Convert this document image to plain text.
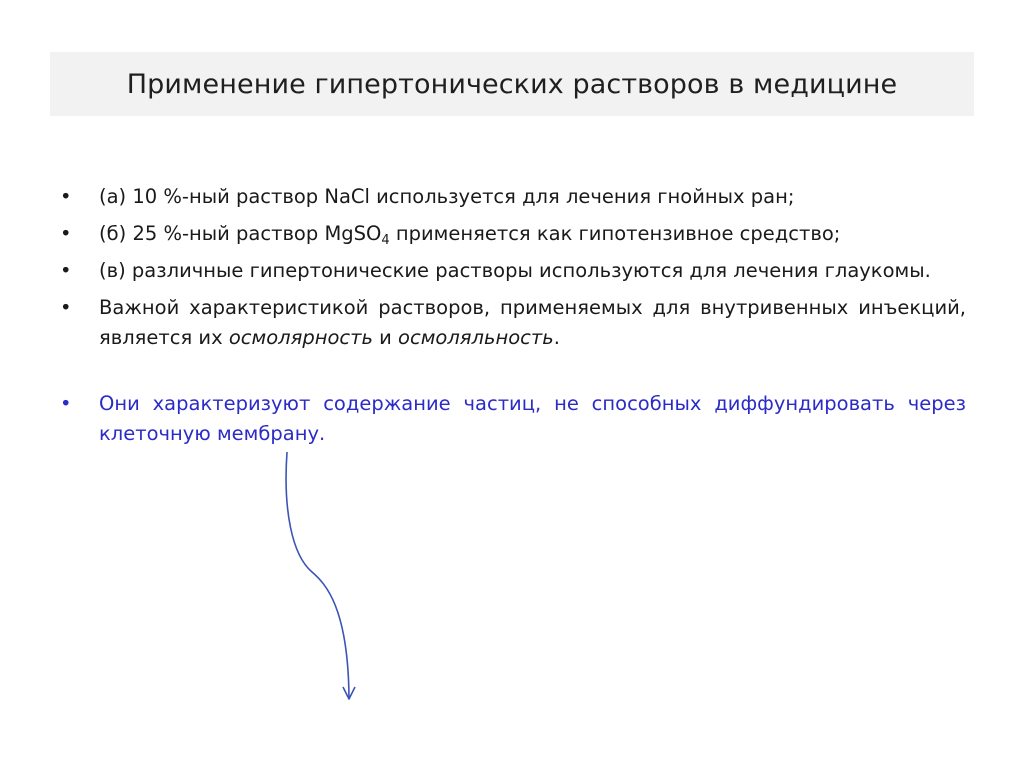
Применение гипертонических растворов в медицине
• (а) 10 %-ный раствор NaCl используется для лечения гнойных ран;
• (б) 25 %-ный раствор MgSO$_4$ применяется как гипотензивное средство;
• (в) различные гипертонические растворы используются для лечения глаукомы.
• Важной характеристикой растворов, применяемых для внутривенных инъекций, является их осмолярность и осмоляльность.
• Они характеризуют содержание частиц, не способных диффундировать через клеточную мембрану.
